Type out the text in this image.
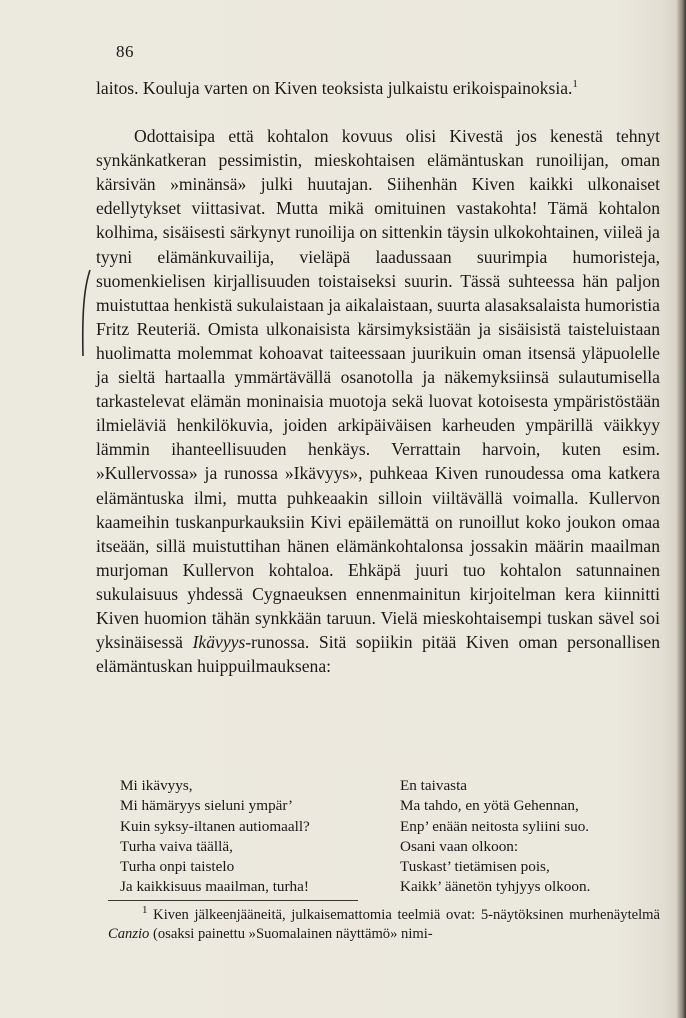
86

laitos. Kouluja varten on Kiven teoksista julkaistu erikoispainoksia.$^1$

Odottaisipa että kohtalon kovuus olisi Kivestä jos kenestä tehnyt synkänkatkeran pessimistin, mieskohtaisen elämäntuskan runoilijan, oman kärsivän »minänsä» julki huutajan. Siihenhän Kiven kaikki ulkonaiset edellytykset viittasivat. Mutta mikä omituinen vastakohta! Tämä kohtalon kolhima, sisäisesti särkynyt runoilija on sittenkin täysin ulkokohtainen, viileä ja tyyni elämänkuvailija, vieläpä laadussaan suurimpia humoristeja, suomenkielisen kirjallisuuden toistaiseksi suurin. Tässä suhteessa hän paljon muistuttaa henkistä sukulaistaan ja aikalaistaan, suurta alasaksalaista humoristia Fritz Reuteriä. Omista ulkonaisista kärsimyksistään ja sisäisistä taisteluistaan huolimatta molemmat kohoavat taiteessaan juurikuin oman itsensä yläpuolelle ja sieltä hartaalla ymmärtävällä osanotolla ja näkemyksiinsä sulautumisella tarkastelevat elämän moninaisia muotoja sekä luovat kotoisesta ympäristöstään ilmieläviä henkilökuvia, joiden arkipäiväisen karheuden ympärillä väikkyy lämmin ihanteellisuuden henkäys. Verrattain harvoin, kuten esim. »Kullervossa» ja runossa »Ikävyys», puhkeaa Kiven runoudessa oma katkera elämäntuska ilmi, mutta puhkeaakin silloin viiltävällä voimalla. Kullervon kaameihin tuskanpurkauksiin Kivi epäilemättä on runoillut koko joukon omaa itseään, sillä muistuttihan hänen elämänkohtalonsa jossakin määrin maailman murjoman Kullervon kohtaloa. Ehkäpä juuri tuo kohtalon satunnainen sukulaisuus yhdessä Cygnaeuksen ennenmainitun kirjoitelman kera kiinnitti Kiven huomion tähän synkkään taruun. Vielä mieskohtaisempi tuskan sävel soi yksinäisessä Ikävyys-runossa. Sitä sopiikin pitää Kiven oman personallisen elämäntuskan huippuilmauksena:

Mi ikävyys,
Mi hämäryys sieluni ympär’
Kuin syksy-iltanen autiomaall?
Turha vaiva täällä,
Turha onpi taistelo
Ja kaikkisuus maailman, turha!
En taivasta
Ma tahdo, en yötä Gehennan,
Enp’ enään neitosta syliini suo.
Osani vaan olkoon:
Tuskast’ tietämisen pois,
Kaikk’ äänetön tyhjyys olkoon.

$^1$ Kiven jälkeenjääneitä, julkaisemattomia teelmiä ovat: 5-näytöksinen murhenäytelmä Canzio (osaksi painettu »Suomalainen näyttämö» nimi-
